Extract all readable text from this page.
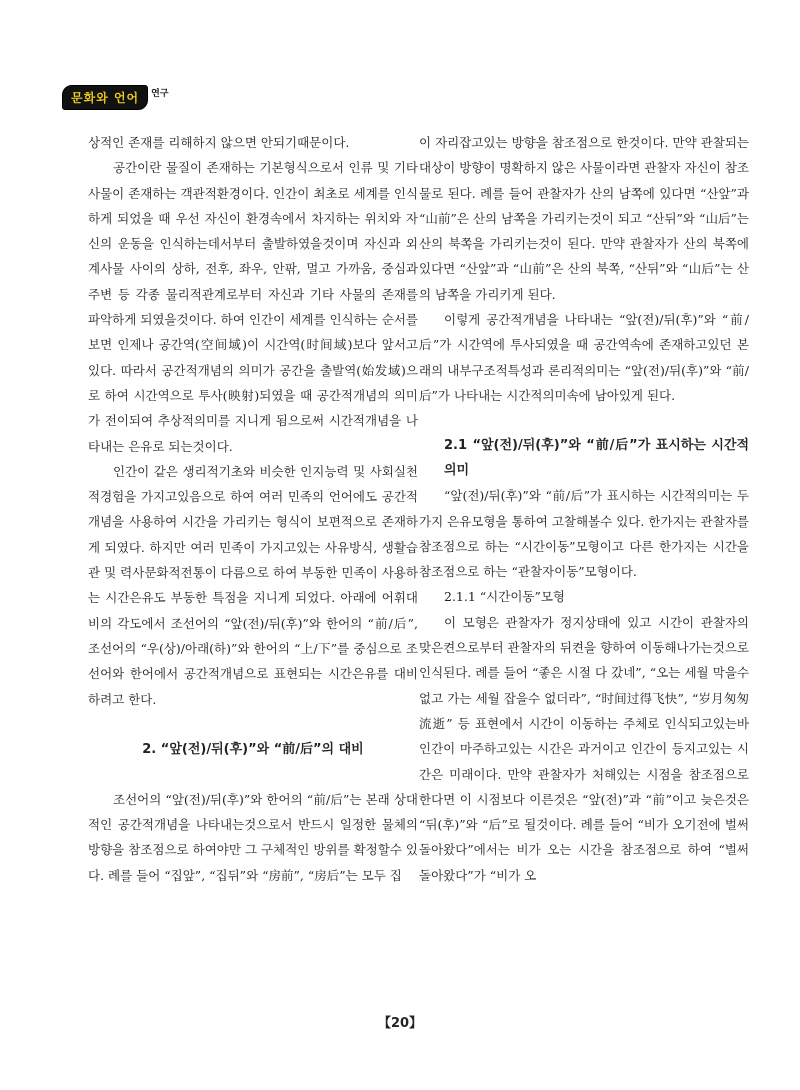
문화와 언어	연구

상적인 존재를 리해하지 않으면 안되기때문이다.

공간이란 물질이 존재하는 기본형식으로서 인류 및 기타 사물이 존재하는 객관적환경이다. 인간이 최초로 세계를 인식하게 되었을 때 우선 자신이 환경속에서 차지하는 위치와 자신의 운동을 인식하는데서부터 출발하였을것이며 자신과 외계사물 사이의 상하, 전후, 좌우, 안팎, 멀고 가까움, 중심과 주변 등 각종 물리적관계로부터 자신과 기타 사물의 존재를 파악하게 되였을것이다. 하여 인간이 세계를 인식하는 순서를 보면 인제나 공간역(空间域)이 시간역(时间域)보다 앞서고 있다. 따라서 공간적개념의 의미가 공간을 출발역(始发域)으로 하여 시간역으로 투사(映射)되였을 때 공간적개념의 의미가 전이되여 추상적의미를 지니게 됨으로써 시간적개념을 나타내는 은유로 되는것이다.

인간이 같은 생리적기초와 비슷한 인지능력 및 사회실천적경험을 가지고있음으로 하여 여러 민족의 언어에도 공간적개념을 사용하여 시간을 가리키는 형식이 보편적으로 존재하게 되였다. 하지만 여러 민족이 가지고있는 사유방식, 생활습관 및 력사문화적전통이 다름으로 하여 부동한 민족이 사용하는 시간은유도 부동한 특점을 지니게 되었다. 아래에 어휘대비의 각도에서 조선어의 “앞(전)/뒤(후)”와 한어의 “前/后”, 조선어의 “우(상)/아래(하)”와 한어의 “上/下”를 중심으로 조선어와 한어에서 공간적개념으로 표현되는 시간은유를 대비하려고 한다.

2. “앞(전)/뒤(후)”와 “前/后”의 대비

조선어의 “앞(전)/뒤(후)”와 한어의 “前/后”는 본래 상대적인 공간적개념을 나타내는것으로서 반드시 일정한 물체의 방향을 참조점으로 하여야만 그 구체적인 방위를 확정할수 있다. 례를 들어 “집앞”, “집뒤”와 “房前”, “房后”는 모두 집

이 자리잡고있는 방향을 참조점으로 한것이다. 만약 관찰되는 대상이 방향이 명확하지 않은 사물이라면 관찰자 자신이 참조물로 된다. 례를 들어 관찰자가 산의 남쪽에 있다면 “산앞”과 “山前”은 산의 남쪽을 가리키는것이 되고 “산뒤”와 “山后”는 산의 북쪽을 가리키는것이 된다. 만약 관찰자가 산의 북쪽에 있다면 “산앞”과 “山前”은 산의 북쪽, “산뒤”와 “山后”는 산의 남쪽을 가리키게 된다.

이렇게 공간적개념을 나타내는 “앞(전)/뒤(후)”와 “前/后”가 시간역에 투사되였을 때 공간역속에 존재하고있던 본래의 내부구조적특성과 론리적의미는 “앞(전)/뒤(후)”와 “前/后”가 나타내는 시간적의미속에 남아있게 된다.

2.1 “앞(전)/뒤(후)”와 “前/后”가 표시하는 시간적의미

“앞(전)/뒤(후)”와 “前/后”가 표시하는 시간적의미는 두가지 은유모형을 통하여 고찰해볼수 있다. 한가지는 관찰자를 참조점으로 하는 “시간이동”모형이고 다른 한가지는 시간을 참조점으로 하는 “관찰자이동”모형이다.

2.1.1 “시간이동”모형

이 모형은 관찰자가 정지상태에 있고 시간이 관찰자의 맞은켠으로부터 관찰자의 뒤켠을 향하여 이동해나가는것으로 인식된다. 례를 들어 “좋은 시절 다 갔네”, “오는 세월 막을수 없고 가는 세월 잡을수 없더라”, “时间过得飞快”, “岁月匆匆流逝” 등 표현에서 시간이 이동하는 주체로 인식되고있는바 인간이 마주하고있는 시간은 과거이고 인간이 등지고있는 시간은 미래이다. 만약 관찰자가 처해있는 시점을 참조점으로 한다면 이 시점보다 이른것은 “앞(전)”과 “前”이고 늦은것은 “뒤(후)”와 “后”로 될것이다. 례를 들어 “비가 오기전에 벌써 돌아왔다”에서는 비가 오는 시간을 참조점으로 하여 “벌써 돌아왔다”가 “비가 오

【20】
